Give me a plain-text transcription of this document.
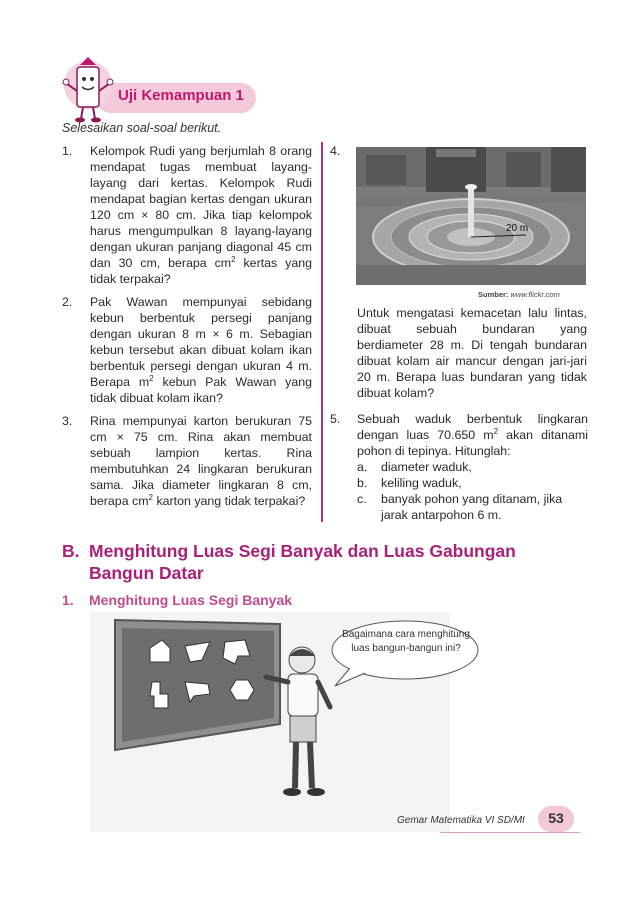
Uji Kemampuan 1
Selesaikan soal-soal berikut.
1. Kelompok Rudi yang berjumlah 8 orang mendapat tugas membuat layang-layang dari kertas. Kelompok Rudi mendapat bagian kertas dengan ukuran 120 cm × 80 cm. Jika tiap kelompok harus mengumpulkan 8 layang-layang dengan ukuran panjang diagonal 45 cm dan 30 cm, berapa $cm^2$ kertas yang tidak terpakai?
2. Pak Wawan mempunyai sebidang kebun berbentuk persegi panjang dengan ukuran 8 m × 6 m. Sebagian kebun tersebut akan dibuat kolam ikan berbentuk persegi dengan ukuran 4 m. Berapa $m^2$ kebun Pak Wawan yang tidak dibuat kolam ikan?
3. Rina mempunyai karton berukuran 75 cm × 75 cm. Rina akan membuat sebuah lampion kertas. Rina membutuhkan 24 lingkaran berukuran sama. Jika diameter lingkaran 8 cm, berapa $cm^2$ karton yang tidak terpakai?
4.
20 m
Sumber: www.flickr.com
Untuk mengatasi kemacetan lalu lintas, dibuat sebuah bundaran yang berdiameter 28 m. Di tengah bundaran dibuat kolam air mancur dengan jari-jari 20 m. Berapa luas bundaran yang tidak dibuat kolam?
5. Sebuah waduk berbentuk lingkaran dengan luas 70.650 $m^2$ akan ditanami pohon di tepinya. Hitunglah:
a. diameter waduk,
b. keliling waduk,
c. banyak pohon yang ditanam, jika jarak antarpohon 6 m.
B. Menghitung Luas Segi Banyak dan Luas Gabungan Bangun Datar
1. Menghitung Luas Segi Banyak
Bagaimana cara menghitung luas bangun-bangun ini?
Gemar Matematika VI SD/MI	53
